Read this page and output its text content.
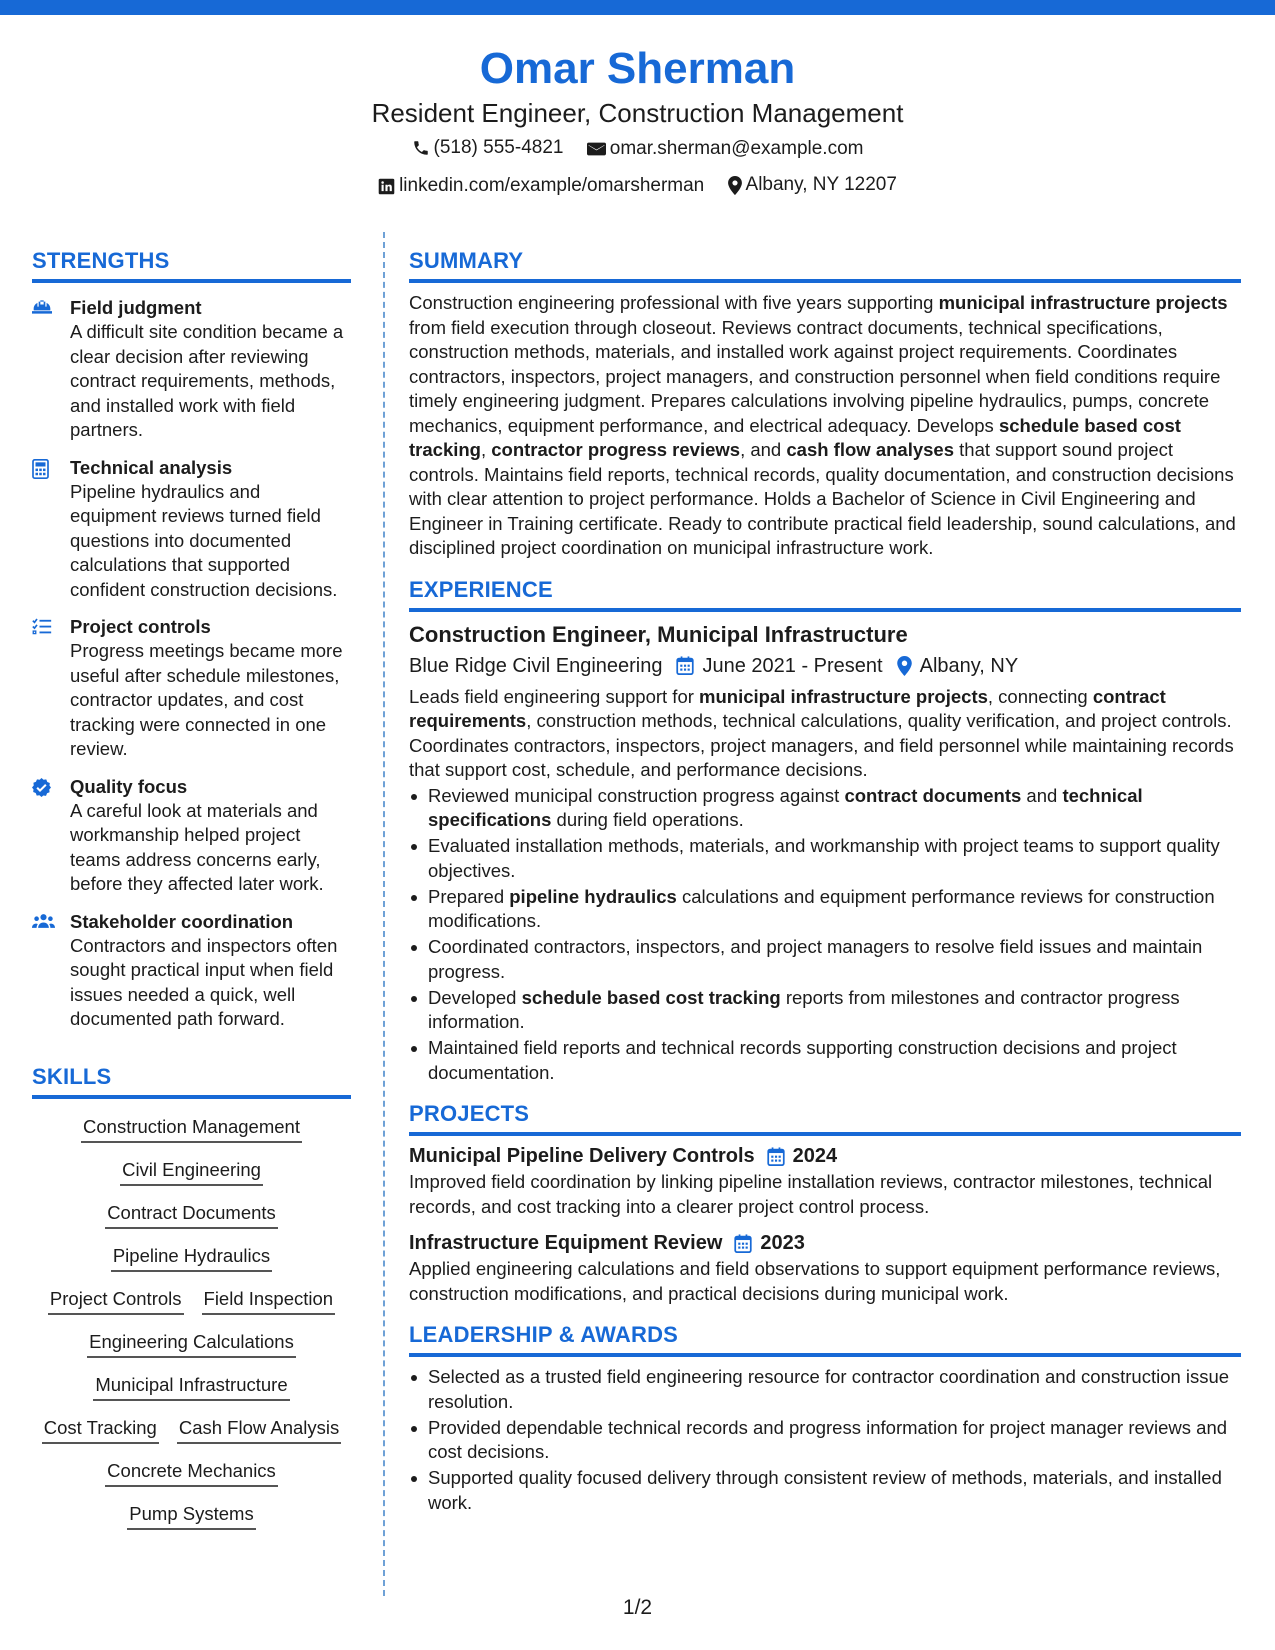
Omar Sherman
Resident Engineer, Construction Management
(518) 555-4821
omar.sherman@example.com
linkedin.com/example/omarsherman
Albany, NY 12207
STRENGTHS
Field judgment
A difficult site condition became a clear decision after reviewing contract requirements, methods, and installed work with field partners.
Technical analysis
Pipeline hydraulics and equipment reviews turned field questions into documented calculations that supported confident construction decisions.
Project controls
Progress meetings became more useful after schedule milestones, contractor updates, and cost tracking were connected in one review.
Quality focus
A careful look at materials and workmanship helped project teams address concerns early, before they affected later work.
Stakeholder coordination
Contractors and inspectors often sought practical input when field issues needed a quick, well documented path forward.
SKILLS
Construction Management
Civil Engineering
Contract Documents
Pipeline Hydraulics
Project Controls Field Inspection
Engineering Calculations
Municipal Infrastructure
Cost Tracking Cash Flow Analysis
Concrete Mechanics
Pump Systems
SUMMARY

Construction engineering professional with five years supporting municipal infrastructure projects from field execution through closeout. Reviews contract documents, technical specifications, construction methods, materials, and installed work against project requirements. Coordinates contractors, inspectors, project managers, and construction personnel when field conditions require timely engineering judgment. Prepares calculations involving pipeline hydraulics, pumps, concrete mechanics, equipment performance, and electrical adequacy. Develops schedule based cost tracking, contractor progress reviews, and cash flow analyses that support sound project controls. Maintains field reports, technical records, quality documentation, and construction decisions with clear attention to project performance. Holds a Bachelor of Science in Civil Engineering and Engineer in Training certificate. Ready to contribute practical field leadership, sound calculations, and disciplined project coordination on municipal infrastructure work.

EXPERIENCE
Construction Engineer, Municipal Infrastructure
Blue Ridge Civil Engineering June 2021 - Present Albany, NY

Leads field engineering support for municipal infrastructure projects, connecting contract requirements, construction methods, technical calculations, quality verification, and project controls. Coordinates contractors, inspectors, project managers, and field personnel while maintaining records that support cost, schedule, and performance decisions.

Reviewed municipal construction progress against contract documents and technical specifications during field operations.
Evaluated installation methods, materials, and workmanship with project teams to support quality objectives.
Prepared pipeline hydraulics calculations and equipment performance reviews for construction modifications.
Coordinated contractors, inspectors, and project managers to resolve field issues and maintain progress.
Developed schedule based cost tracking reports from milestones and contractor progress information.
Maintained field reports and technical records supporting construction decisions and project documentation.
PROJECTS
Municipal Pipeline Delivery Controls 2024

Improved field coordination by linking pipeline installation reviews, contractor milestones, technical records, and cost tracking into a clearer project control process.

Infrastructure Equipment Review 2023

Applied engineering calculations and field observations to support equipment performance reviews, construction modifications, and practical decisions during municipal work.

LEADERSHIP & AWARDS
Selected as a trusted field engineering resource for contractor coordination and construction issue resolution.
Provided dependable technical records and progress information for project manager reviews and cost decisions.
Supported quality focused delivery through consistent review of methods, materials, and installed work.
1/2
